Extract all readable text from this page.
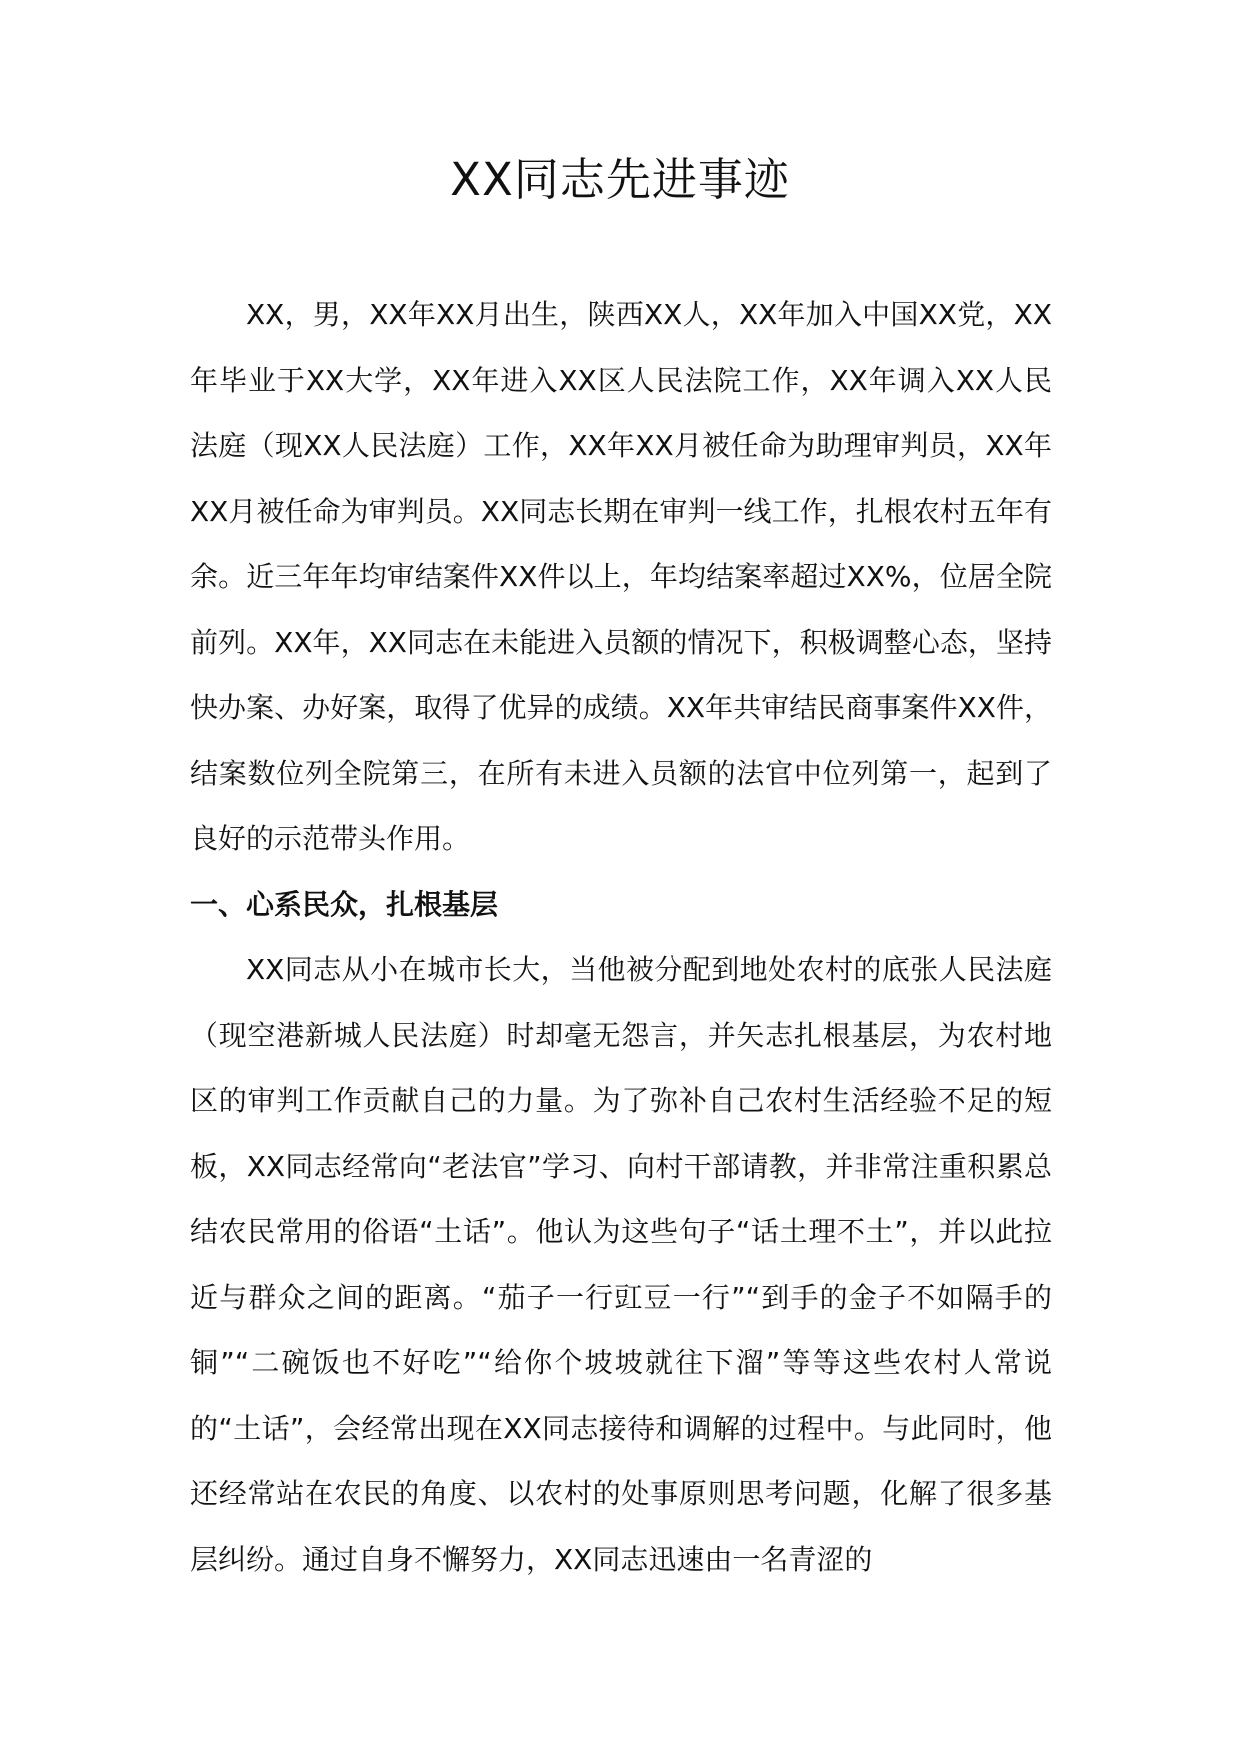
XX同志先进事迹

XX，男，XX年XX月出生，陕西XX人，XX年加入中国XX党，XX年毕业于XX大学，XX年进入XX区人民法院工作，XX年调入XX人民法庭（现XX人民法庭）工作，XX年XX月被任命为助理审判员，XX年XX月被任命为审判员。XX同志长期在审判一线工作，扎根农村五年有余。近三年年均审结案件XX件以上，年均结案率超过XX%，位居全院前列。XX年，XX同志在未能进入员额的情况下，积极调整心态，坚持快办案、办好案，取得了优异的成绩。XX年共审结民商事案件XX件，结案数位列全院第三，在所有未进入员额的法官中位列第一，起到了良好的示范带头作用。

一、心系民众，扎根基层

XX同志从小在城市长大，当他被分配到地处农村的底张人民法庭（现空港新城人民法庭）时却毫无怨言，并矢志扎根基层，为农村地区的审判工作贡献自己的力量。为了弥补自己农村生活经验不足的短板，XX同志经常向“老法官”学习、向村干部请教，并非常注重积累总结农民常用的俗语“土话”。他认为这些句子“话土理不土”，并以此拉近与群众之间的距离。“茄子一行豇豆一行”“到手的金子不如隔手的铜”“二碗饭也不好吃”“给你个坡坡就往下溜”等等这些农村人常说的“土话”，会经常出现在XX同志接待和调解的过程中。与此同时，他还经常站在农民的角度、以农村的处事原则思考问题，化解了很多基层纠纷。通过自身不懈努力，XX同志迅速由一名青涩的
